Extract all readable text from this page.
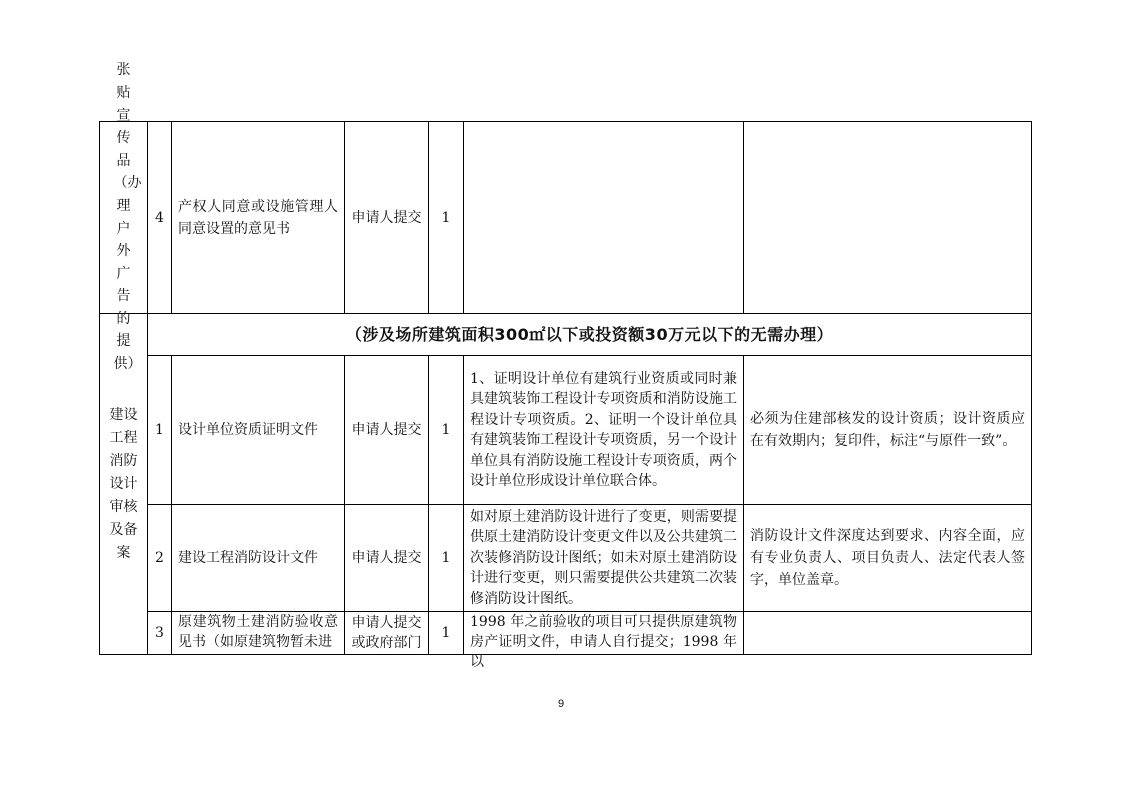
张贴宣传品（办理户外广告的提供）
4
产权人同意或设施管理人同意设置的意见书
申请人提交 1
建设工程消防设计审核及备案
（涉及场所建筑面积300㎡以下或投资额30万元以下的无需办理）
1 设计单位资质证明文件 申请人提交 1
1、证明设计单位有建筑行业资质或同时兼具建筑装饰工程设计专项资质和消防设施工程设计专项资质。2、证明一个设计单位具有建筑装饰工程设计专项资质，另一个设计单位具有消防设施工程设计专项资质，两个设计单位形成设计单位联合体。
必须为住建部核发的设计资质；设计资质应在有效期内；复印件，标注“与原件一致”。
2 建设工程消防设计文件 申请人提交 1
如对原土建消防设计进行了变更，则需要提供原土建消防设计变更文件以及公共建筑二次装修消防设计图纸；如未对原土建消防设计进行变更，则只需要提供公共建筑二次装修消防设计图纸。
消防设计文件深度达到要求、内容全面，应有专业负责人、项目负责人、法定代表人签字，单位盖章。
3
原建筑物土建消防验收意见书（如原建筑物暂未进
申请人提交或政府部门
1
1998 年之前验收的项目可只提供原建筑物房产证明文件，申请人自行提交；1998 年以
9
